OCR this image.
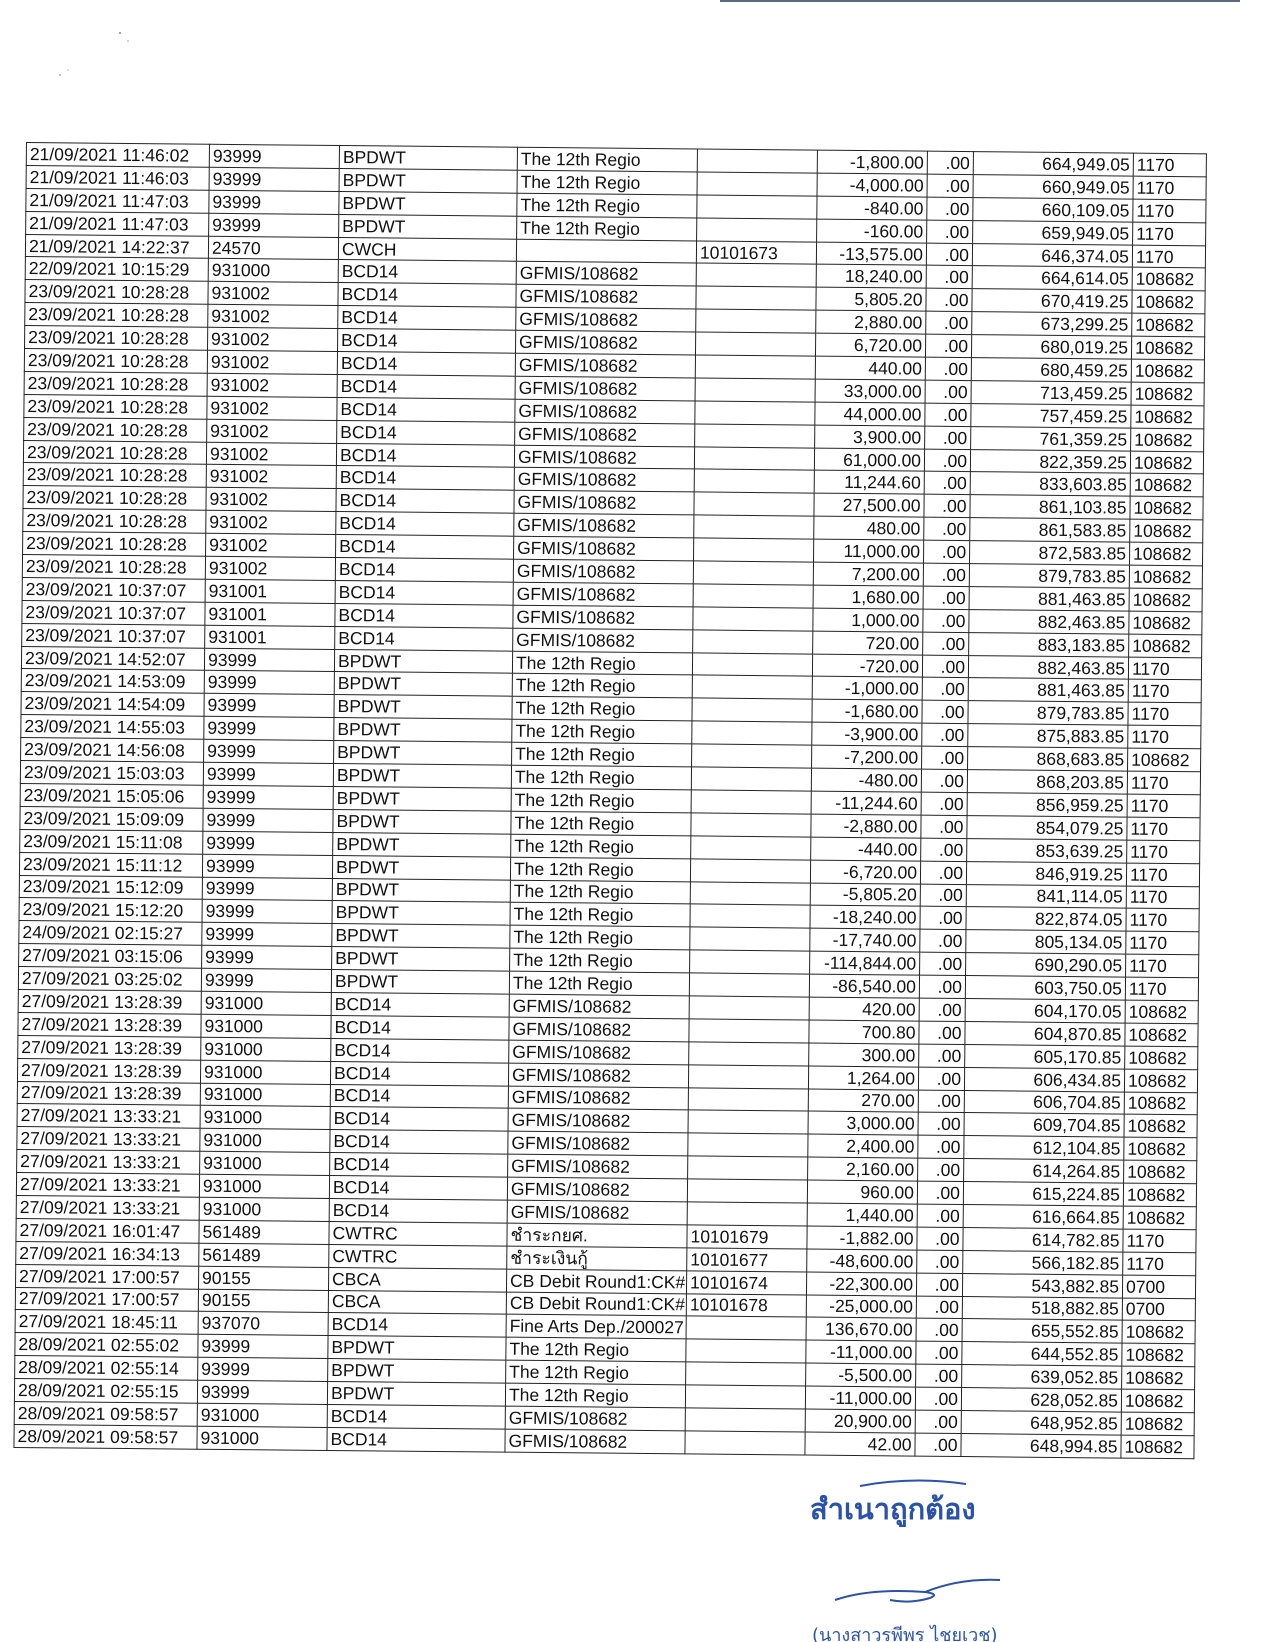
21/09/2021 11:46:02	93999	BPDWT	The 12th Regio		-1,800.00	.00	664,949.05	1170
21/09/2021 11:46:03	93999	BPDWT	The 12th Regio		-4,000.00	.00	660,949.05	1170
21/09/2021 11:47:03	93999	BPDWT	The 12th Regio		-840.00	.00	660,109.05	1170
21/09/2021 11:47:03	93999	BPDWT	The 12th Regio		-160.00	.00	659,949.05	1170
21/09/2021 14:22:37	24570	CWCH		10101673	-13,575.00	.00	646,374.05	1170
22/09/2021 10:15:29	931000	BCD14	GFMIS/108682		18,240.00	.00	664,614.05	108682
23/09/2021 10:28:28	931002	BCD14	GFMIS/108682		5,805.20	.00	670,419.25	108682
23/09/2021 10:28:28	931002	BCD14	GFMIS/108682		2,880.00	.00	673,299.25	108682
23/09/2021 10:28:28	931002	BCD14	GFMIS/108682		6,720.00	.00	680,019.25	108682
23/09/2021 10:28:28	931002	BCD14	GFMIS/108682		440.00	.00	680,459.25	108682
23/09/2021 10:28:28	931002	BCD14	GFMIS/108682		33,000.00	.00	713,459.25	108682
23/09/2021 10:28:28	931002	BCD14	GFMIS/108682		44,000.00	.00	757,459.25	108682
23/09/2021 10:28:28	931002	BCD14	GFMIS/108682		3,900.00	.00	761,359.25	108682
23/09/2021 10:28:28	931002	BCD14	GFMIS/108682		61,000.00	.00	822,359.25	108682
23/09/2021 10:28:28	931002	BCD14	GFMIS/108682		11,244.60	.00	833,603.85	108682
23/09/2021 10:28:28	931002	BCD14	GFMIS/108682		27,500.00	.00	861,103.85	108682
23/09/2021 10:28:28	931002	BCD14	GFMIS/108682		480.00	.00	861,583.85	108682
23/09/2021 10:28:28	931002	BCD14	GFMIS/108682		11,000.00	.00	872,583.85	108682
23/09/2021 10:28:28	931002	BCD14	GFMIS/108682		7,200.00	.00	879,783.85	108682
23/09/2021 10:37:07	931001	BCD14	GFMIS/108682		1,680.00	.00	881,463.85	108682
23/09/2021 10:37:07	931001	BCD14	GFMIS/108682		1,000.00	.00	882,463.85	108682
23/09/2021 10:37:07	931001	BCD14	GFMIS/108682		720.00	.00	883,183.85	108682
23/09/2021 14:52:07	93999	BPDWT	The 12th Regio		-720.00	.00	882,463.85	1170
23/09/2021 14:53:09	93999	BPDWT	The 12th Regio		-1,000.00	.00	881,463.85	1170
23/09/2021 14:54:09	93999	BPDWT	The 12th Regio		-1,680.00	.00	879,783.85	1170
23/09/2021 14:55:03	93999	BPDWT	The 12th Regio		-3,900.00	.00	875,883.85	1170
23/09/2021 14:56:08	93999	BPDWT	The 12th Regio		-7,200.00	.00	868,683.85	108682
23/09/2021 15:03:03	93999	BPDWT	The 12th Regio		-480.00	.00	868,203.85	1170
23/09/2021 15:05:06	93999	BPDWT	The 12th Regio		-11,244.60	.00	856,959.25	1170
23/09/2021 15:09:09	93999	BPDWT	The 12th Regio		-2,880.00	.00	854,079.25	1170
23/09/2021 15:11:08	93999	BPDWT	The 12th Regio		-440.00	.00	853,639.25	1170
23/09/2021 15:11:12	93999	BPDWT	The 12th Regio		-6,720.00	.00	846,919.25	1170
23/09/2021 15:12:09	93999	BPDWT	The 12th Regio		-5,805.20	.00	841,114.05	1170
23/09/2021 15:12:20	93999	BPDWT	The 12th Regio		-18,240.00	.00	822,874.05	1170
24/09/2021 02:15:27	93999	BPDWT	The 12th Regio		-17,740.00	.00	805,134.05	1170
27/09/2021 03:15:06	93999	BPDWT	The 12th Regio		-114,844.00	.00	690,290.05	1170
27/09/2021 03:25:02	93999	BPDWT	The 12th Regio		-86,540.00	.00	603,750.05	1170
27/09/2021 13:28:39	931000	BCD14	GFMIS/108682		420.00	.00	604,170.05	108682
27/09/2021 13:28:39	931000	BCD14	GFMIS/108682		700.80	.00	604,870.85	108682
27/09/2021 13:28:39	931000	BCD14	GFMIS/108682		300.00	.00	605,170.85	108682
27/09/2021 13:28:39	931000	BCD14	GFMIS/108682		1,264.00	.00	606,434.85	108682
27/09/2021 13:28:39	931000	BCD14	GFMIS/108682		270.00	.00	606,704.85	108682
27/09/2021 13:33:21	931000	BCD14	GFMIS/108682		3,000.00	.00	609,704.85	108682
27/09/2021 13:33:21	931000	BCD14	GFMIS/108682		2,400.00	.00	612,104.85	108682
27/09/2021 13:33:21	931000	BCD14	GFMIS/108682		2,160.00	.00	614,264.85	108682
27/09/2021 13:33:21	931000	BCD14	GFMIS/108682		960.00	.00	615,224.85	108682
27/09/2021 13:33:21	931000	BCD14	GFMIS/108682		1,440.00	.00	616,664.85	108682
27/09/2021 16:01:47	561489	CWTRC	ชำระกยศ.	10101679	-1,882.00	.00	614,782.85	1170
27/09/2021 16:34:13	561489	CWTRC	ชำระเงินกู้	10101677	-48,600.00	.00	566,182.85	1170
27/09/2021 17:00:57	90155	CBCA	CB Debit Round1:CK#	10101674	-22,300.00	.00	543,882.85	0700
27/09/2021 17:00:57	90155	CBCA	CB Debit Round1:CK#	10101678	-25,000.00	.00	518,882.85	0700
27/09/2021 18:45:11	937070	BCD14	Fine Arts Dep./200027		136,670.00	.00	655,552.85	108682
28/09/2021 02:55:02	93999	BPDWT	The 12th Regio		-11,000.00	.00	644,552.85	108682
28/09/2021 02:55:14	93999	BPDWT	The 12th Regio		-5,500.00	.00	639,052.85	108682
28/09/2021 02:55:15	93999	BPDWT	The 12th Regio		-11,000.00	.00	628,052.85	108682
28/09/2021 09:58:57	931000	BCD14	GFMIS/108682		20,900.00	.00	648,952.85	108682
28/09/2021 09:58:57	931000	BCD14	GFMIS/108682		42.00	.00	648,994.85	108682
สำเนาถูกต้อง
(นางสาวรพีพร ไชยเวช)
